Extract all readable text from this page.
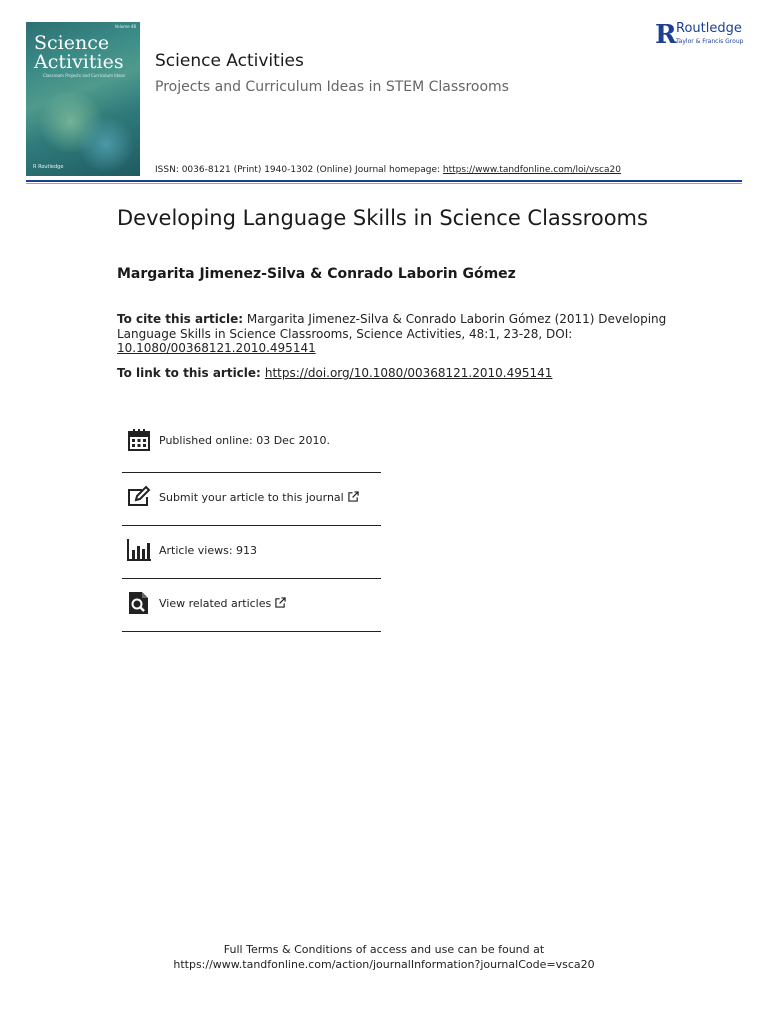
Volume 48
Science
Activities
Classroom Projects and Curriculum Ideas
R Routledge
Science Activities
Projects and Curriculum Ideas in STEM Classrooms
ISSN: 0036-8121 (Print) 1940-1302 (Online) Journal homepage: https://www.tandfonline.com/loi/vsca20
R Routledge
Taylor & Francis Group
Developing Language Skills in Science Classrooms
Margarita Jimenez-Silva & Conrado Laborin Gómez
To cite this article: Margarita Jimenez-Silva & Conrado Laborin Gómez (2011) Developing Language Skills in Science Classrooms, Science Activities, 48:1, 23-28, DOI: 10.1080/00368121.2010.495141
To link to this article: https://doi.org/10.1080/00368121.2010.495141
Published online: 03 Dec 2010.
Submit your article to this journal
Article views: 913
View related articles
Full Terms & Conditions of access and use can be found at
https://www.tandfonline.com/action/journalInformation?journalCode=vsca20
